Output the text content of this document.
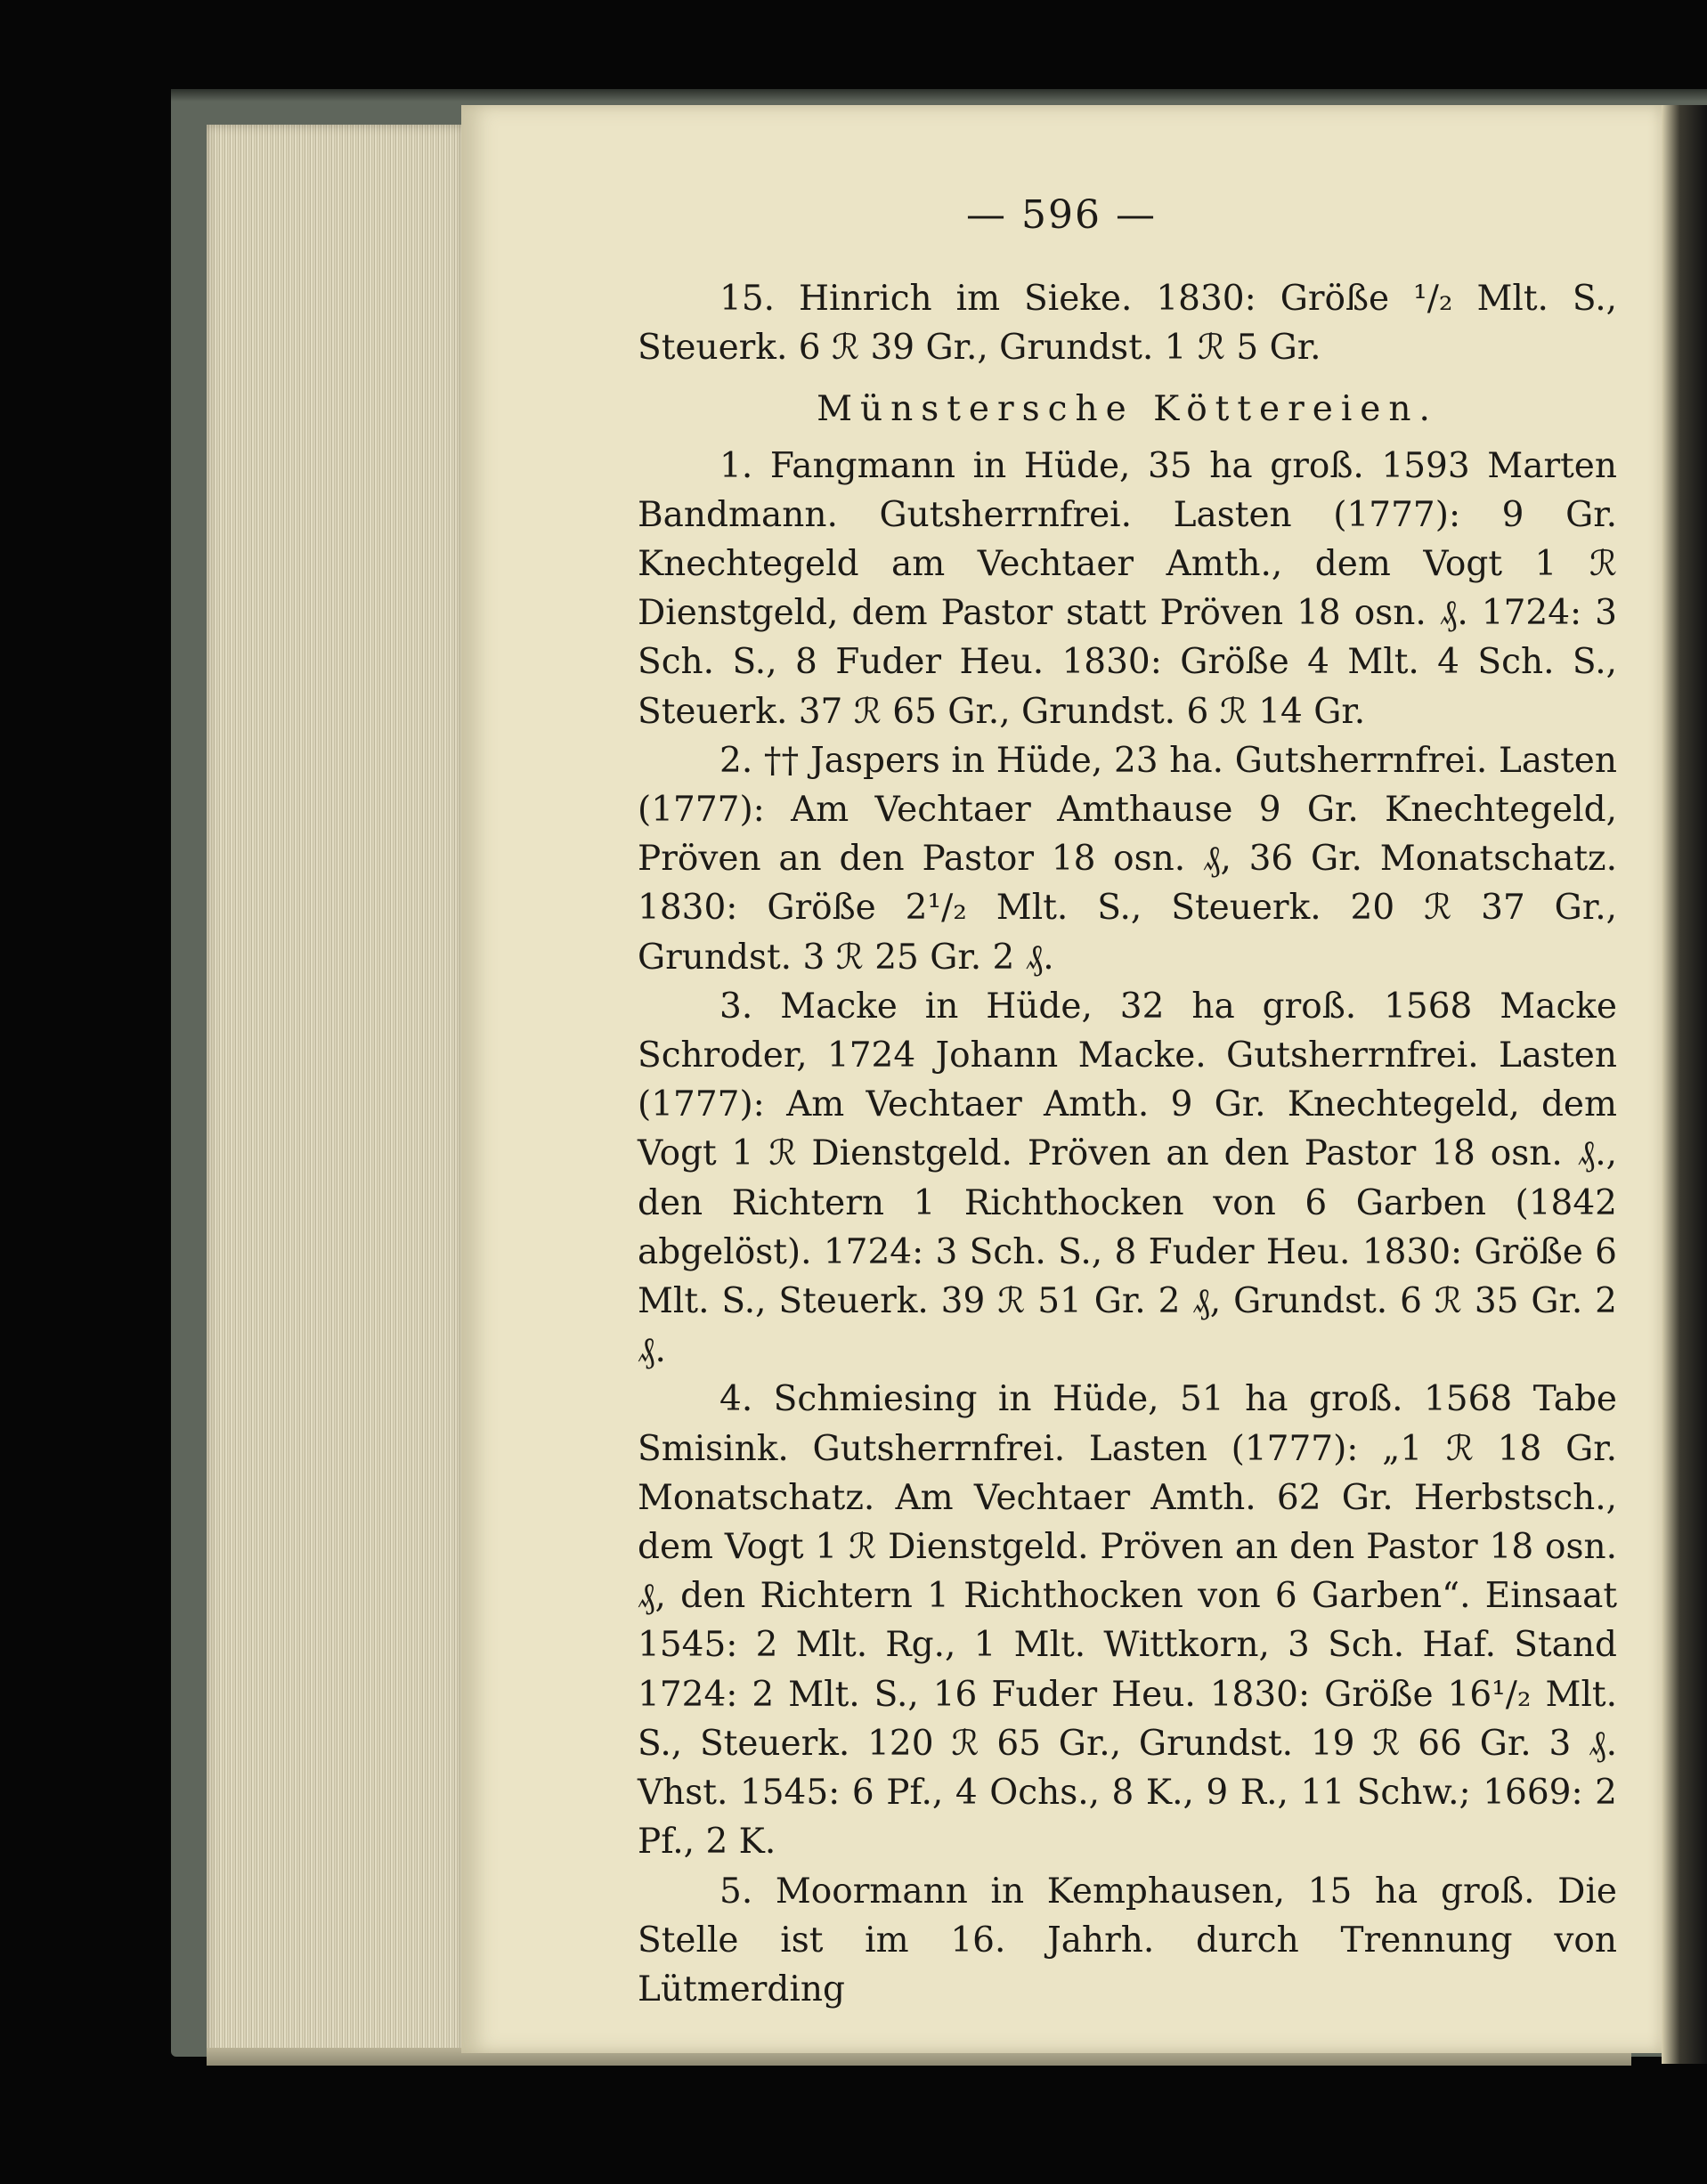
— 596 —

15. Hinrich im Sieke. 1830: Größe ¹/₂ Mlt. S., Steuerk. 6 ℛ 39 Gr., Grundst. 1 ℛ 5 Gr.

Münstersche Köttereien.

1. Fangmann in Hüde, 35 ha groß. 1593 Marten Bandmann. Gutsherrnfrei. Lasten (1777): 9 Gr. Knechtegeld am Vechtaer Amth., dem Vogt 1 ℛ Dienstgeld, dem Pastor statt Pröven 18 osn. ₰. 1724: 3 Sch. S., 8 Fuder Heu. 1830: Größe 4 Mlt. 4 Sch. S., Steuerk. 37 ℛ 65 Gr., Grundst. 6 ℛ 14 Gr.

2. †† Jaspers in Hüde, 23 ha. Gutsherrnfrei. Lasten (1777): Am Vechtaer Amthause 9 Gr. Knechtegeld, Pröven an den Pastor 18 osn. ₰, 36 Gr. Monatschatz. 1830: Größe 2¹/₂ Mlt. S., Steuerk. 20 ℛ 37 Gr., Grundst. 3 ℛ 25 Gr. 2 ₰.

3. Macke in Hüde, 32 ha groß. 1568 Macke Schroder, 1724 Johann Macke. Gutsherrnfrei. Lasten (1777): Am Vechtaer Amth. 9 Gr. Knechtegeld, dem Vogt 1 ℛ Dienstgeld. Pröven an den Pastor 18 osn. ₰., den Richtern 1 Richthocken von 6 Garben (1842 abgelöst). 1724: 3 Sch. S., 8 Fuder Heu. 1830: Größe 6 Mlt. S., Steuerk. 39 ℛ 51 Gr. 2 ₰, Grundst. 6 ℛ 35 Gr. 2 ₰.

4. Schmiesing in Hüde, 51 ha groß. 1568 Tabe Smisink. Gutsherrnfrei. Lasten (1777): „1 ℛ 18 Gr. Monatschatz. Am Vechtaer Amth. 62 Gr. Herbstsch., dem Vogt 1 ℛ Dienstgeld. Pröven an den Pastor 18 osn. ₰, den Richtern 1 Richthocken von 6 Garben“. Einsaat 1545: 2 Mlt. Rg., 1 Mlt. Wittkorn, 3 Sch. Haf. Stand 1724: 2 Mlt. S., 16 Fuder Heu. 1830: Größe 16¹/₂ Mlt. S., Steuerk. 120 ℛ 65 Gr., Grundst. 19 ℛ 66 Gr. 3 ₰. Vhst. 1545: 6 Pf., 4 Ochs., 8 K., 9 R., 11 Schw.; 1669: 2 Pf., 2 K.

5. Moormann in Kemphausen, 15 ha groß. Die Stelle ist im 16. Jahrh. durch Trennung von Lütmerding
